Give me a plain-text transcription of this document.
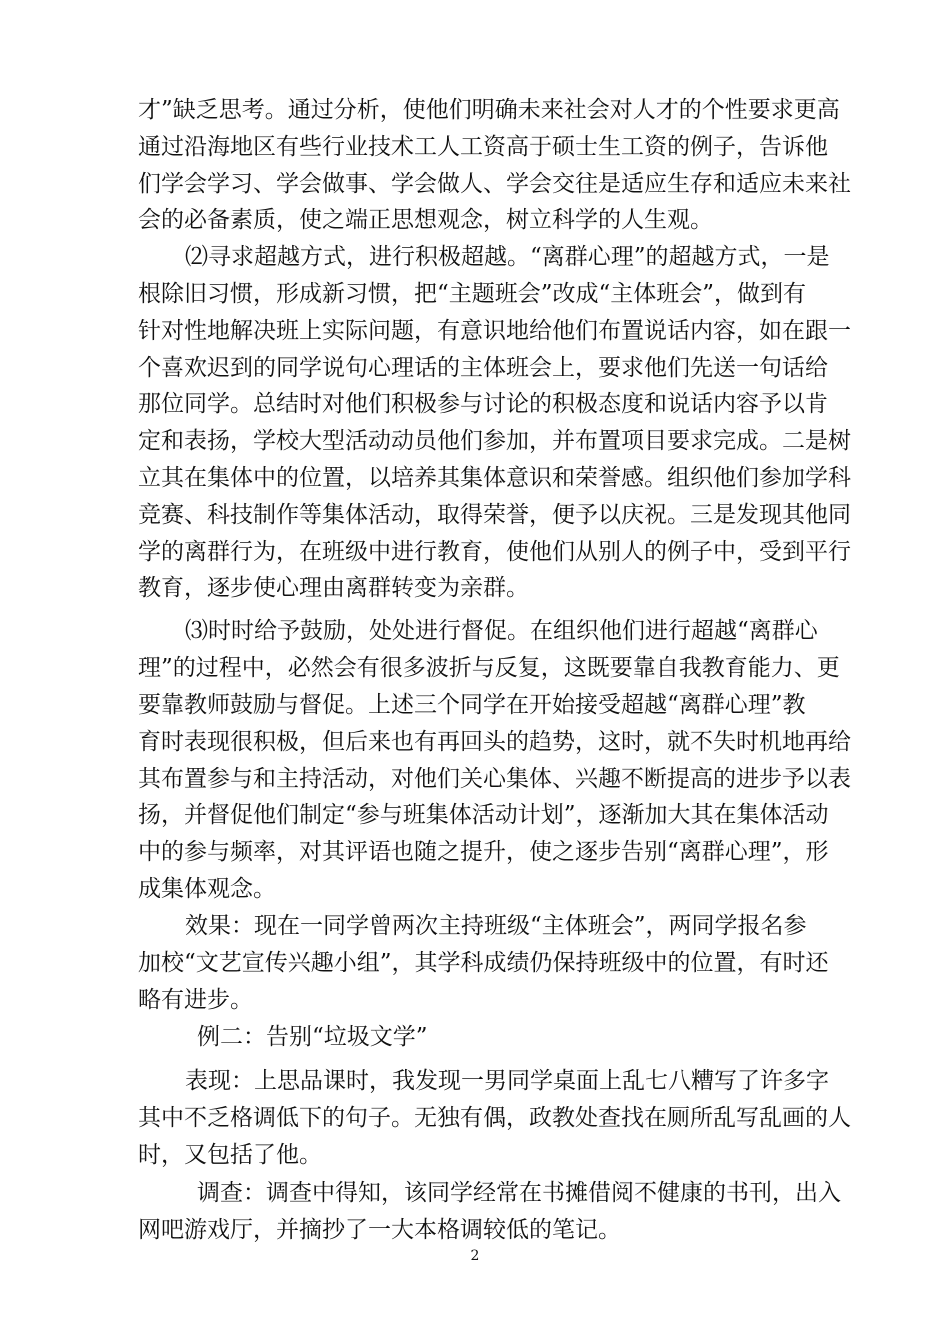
才”缺乏思考。通过分析，使他们明确未来社会对人才的个性要求更高
通过沿海地区有些行业技术工人工资高于硕士生工资的例子，告诉他
们学会学习、学会做事、学会做人、学会交往是适应生存和适应未来社
会的必备素质，使之端正思想观念，树立科学的人生观。
⑵寻求超越方式，进行积极超越。“离群心理”的超越方式，一是
根除旧习惯，形成新习惯，把“主题班会”改成“主体班会”，做到有
针对性地解决班上实际问题，有意识地给他们布置说话内容，如在跟一
个喜欢迟到的同学说句心理话的主体班会上，要求他们先送一句话给
那位同学。总结时对他们积极参与讨论的积极态度和说话内容予以肯
定和表扬，学校大型活动动员他们参加，并布置项目要求完成。二是树
立其在集体中的位置，以培养其集体意识和荣誉感。组织他们参加学科
竞赛、科技制作等集体活动，取得荣誉，便予以庆祝。三是发现其他同
学的离群行为，在班级中进行教育，使他们从别人的例子中，受到平行
教育，逐步使心理由离群转变为亲群。
⑶时时给予鼓励，处处进行督促。在组织他们进行超越“离群心
理”的过程中，必然会有很多波折与反复，这既要靠自我教育能力、更
要靠教师鼓励与督促。上述三个同学在开始接受超越“离群心理”教
育时表现很积极，但后来也有再回头的趋势，这时，就不失时机地再给
其布置参与和主持活动，对他们关心集体、兴趣不断提高的进步予以表
扬，并督促他们制定“参与班集体活动计划”，逐渐加大其在集体活动
中的参与频率，对其评语也随之提升，使之逐步告别“离群心理”，形
成集体观念。
效果：现在一同学曾两次主持班级“主体班会”，两同学报名参
加校“文艺宣传兴趣小组”，其学科成绩仍保持班级中的位置，有时还
略有进步。
例二：告别“垃圾文学”
表现：上思品课时，我发现一男同学桌面上乱七八糟写了许多字
其中不乏格调低下的句子。无独有偶，政教处查找在厕所乱写乱画的人
时，又包括了他。
调查：调查中得知，该同学经常在书摊借阅不健康的书刊，出入
网吧游戏厅，并摘抄了一大本格调较低的笔记。
2
